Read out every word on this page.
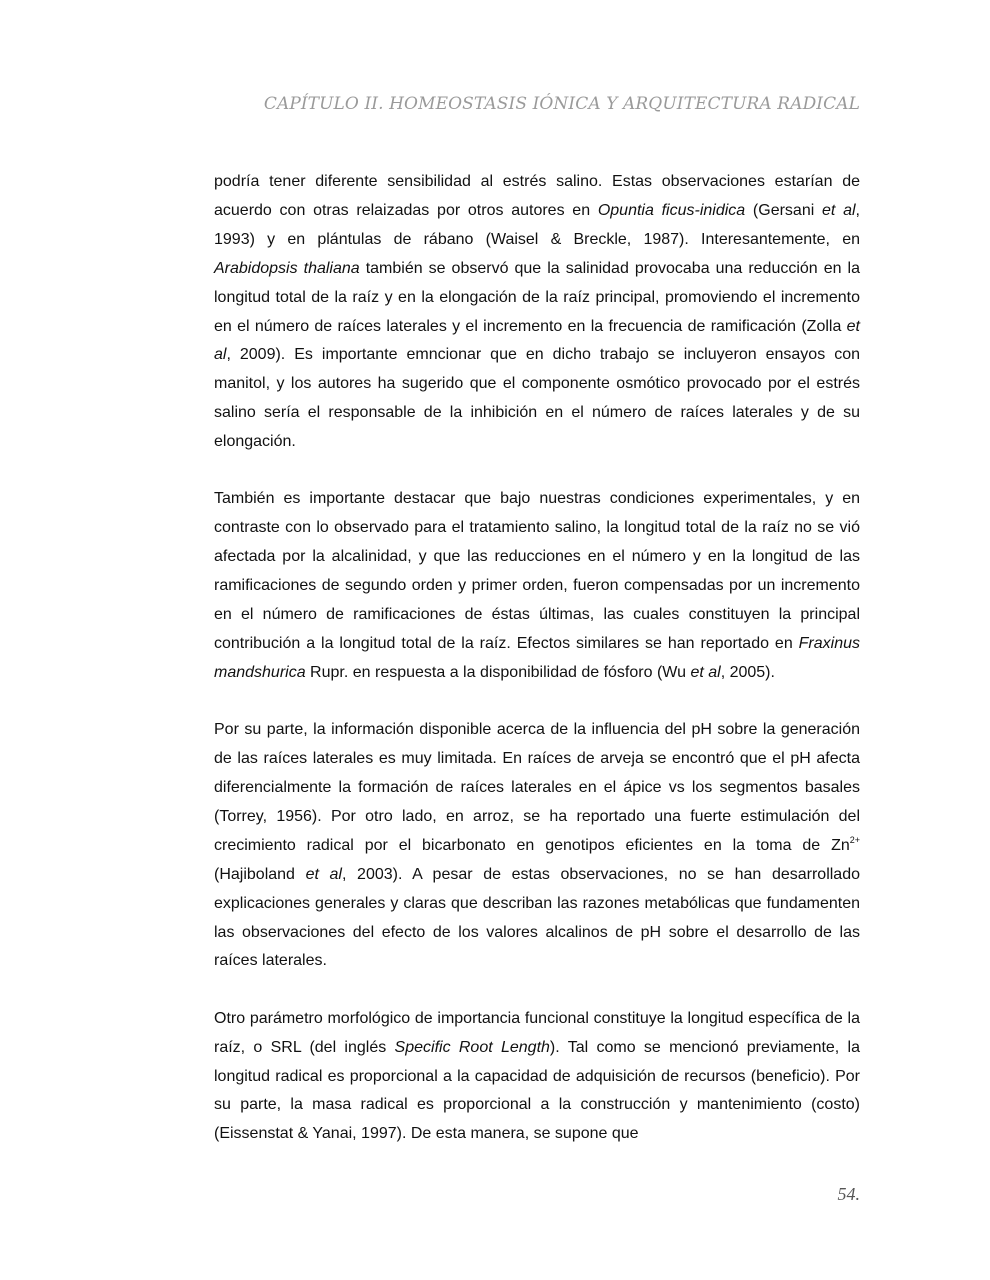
CAPÍTULO II. HOMEOSTASIS IÓNICA Y ARQUITECTURA RADICAL

podría tener diferente sensibilidad al estrés salino. Estas observaciones estarían de acuerdo con otras relaizadas por otros autores en Opuntia ficus-inidica (Gersani et al, 1993) y en plántulas de rábano (Waisel & Breckle, 1987). Interesantemente, en Arabidopsis thaliana también se observó que la salinidad provocaba una reducción en la longitud total de la raíz y en la elongación de la raíz principal, promoviendo el incremento en el número de raíces laterales y el incremento en la frecuencia de ramificación (Zolla et al, 2009). Es importante emncionar que en dicho trabajo se incluyeron ensayos con manitol, y los autores ha sugerido que el componente osmótico provocado por el estrés salino sería el responsable de la inhibición en el número de raíces laterales y de su elongación.

También es importante destacar que bajo nuestras condiciones experimentales, y en contraste con lo observado para el tratamiento salino, la longitud total de la raíz no se vió afectada por la alcalinidad, y que las reducciones en el número y en la longitud de las ramificaciones de segundo orden y primer orden, fueron compensadas por un incremento en el número de ramificaciones de éstas últimas, las cuales constituyen la principal contribución a la longitud total de la raíz. Efectos similares se han reportado en Fraxinus mandshurica Rupr. en respuesta a la disponibilidad de fósforo (Wu et al, 2005).

Por su parte, la información disponible acerca de la influencia del pH sobre la generación de las raíces laterales es muy limitada. En raíces de arveja se encontró que el pH afecta diferencialmente la formación de raíces laterales en el ápice vs los segmentos basales (Torrey, 1956). Por otro lado, en arroz, se ha reportado una fuerte estimulación del crecimiento radical por el bicarbonato en genotipos eficientes en la toma de $Zn^{2+}$ (Hajiboland et al, 2003). A pesar de estas observaciones, no se han desarrollado explicaciones generales y claras que describan las razones metabólicas que fundamenten las observaciones del efecto de los valores alcalinos de pH sobre el desarrollo de las raíces laterales.

Otro parámetro morfológico de importancia funcional constituye la longitud específica de la raíz, o SRL (del inglés Specific Root Length). Tal como se mencionó previamente, la longitud radical es proporcional a la capacidad de adquisición de recursos (beneficio). Por su parte, la masa radical es proporcional a la construcción y mantenimiento (costo) (Eissenstat & Yanai, 1997). De esta manera, se supone que

54.
